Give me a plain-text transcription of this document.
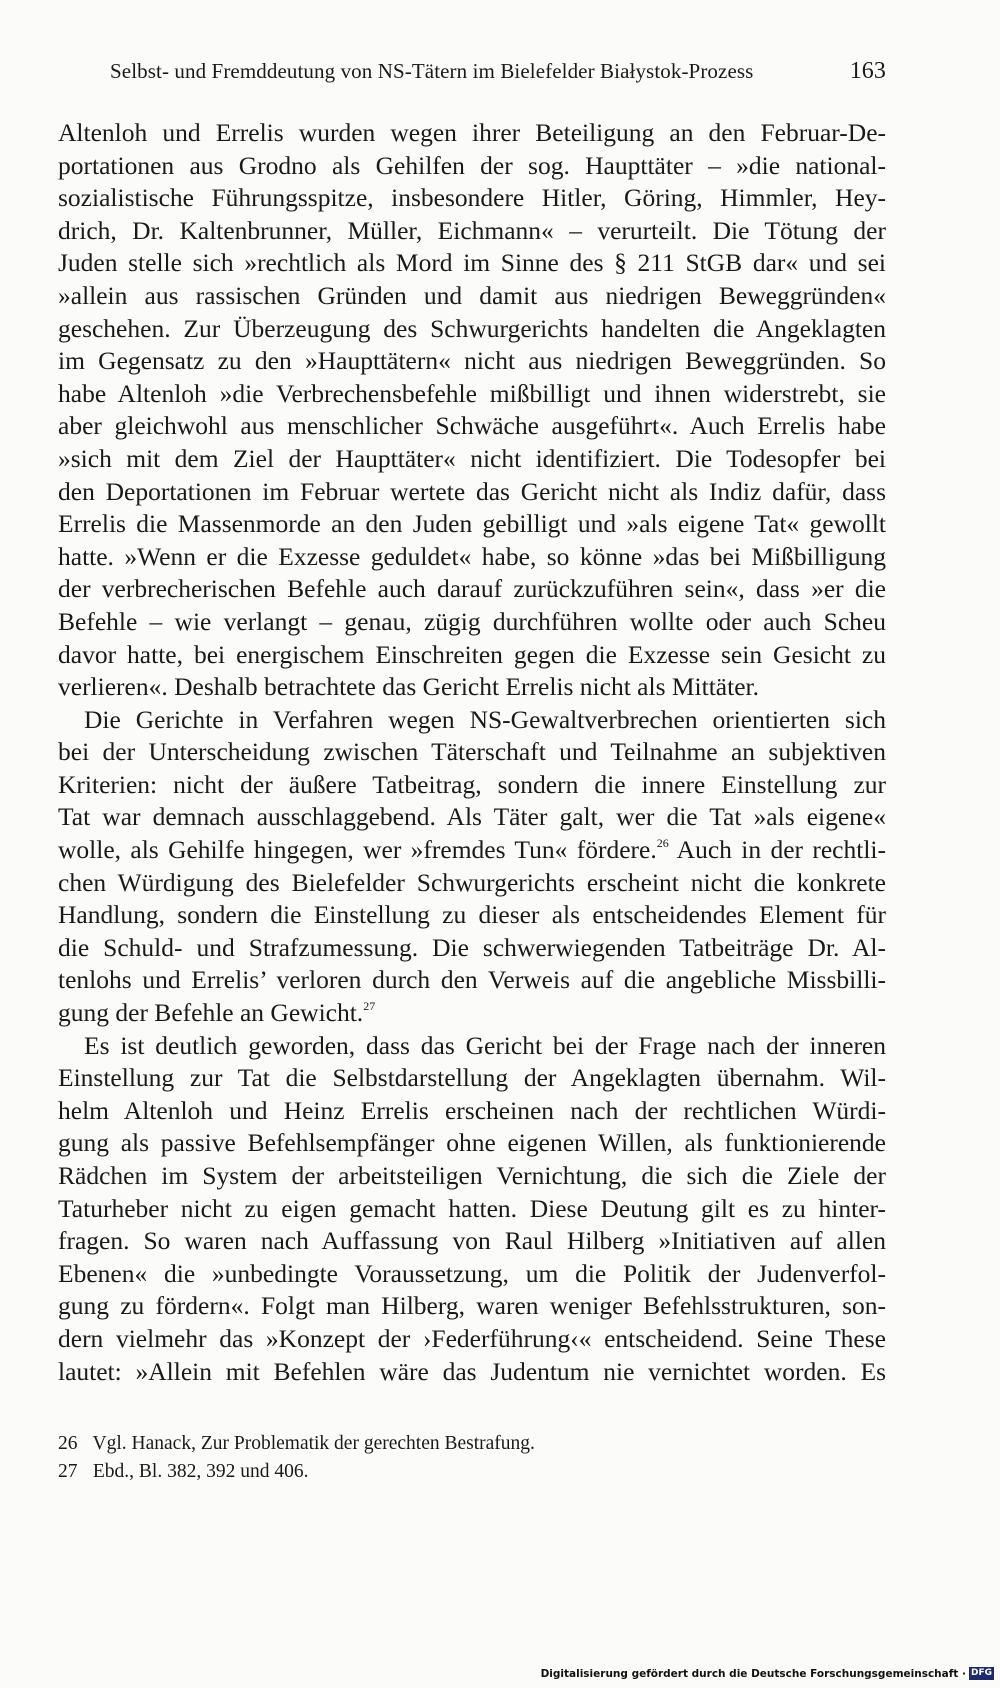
Selbst- und Fremddeutung von NS-Tätern im Bielefelder Białystok-Prozess	163
Altenloh und Errelis wurden wegen ihrer Beteiligung an den Februar-De-
portationen aus Grodno als Gehilfen der sog. Haupttäter – »die national-
sozialistische Führungsspitze, insbesondere Hitler, Göring, Himmler, Hey-
drich, Dr. Kaltenbrunner, Müller, Eichmann« – verurteilt. Die Tötung der
Juden stelle sich »rechtlich als Mord im Sinne des § 211 StGB dar« und sei
»allein aus rassischen Gründen und damit aus niedrigen Beweggründen«
geschehen. Zur Überzeugung des Schwurgerichts handelten die Angeklagten
im Gegensatz zu den »Haupttätern« nicht aus niedrigen Beweggründen. So
habe Altenloh »die Verbrechensbefehle mißbilligt und ihnen widerstrebt, sie
aber gleichwohl aus menschlicher Schwäche ausgeführt«. Auch Errelis habe
»sich mit dem Ziel der Haupttäter« nicht identifiziert. Die Todesopfer bei
den Deportationen im Februar wertete das Gericht nicht als Indiz dafür, dass
Errelis die Massenmorde an den Juden gebilligt und »als eigene Tat« gewollt
hatte. »Wenn er die Exzesse geduldet« habe, so könne »das bei Mißbilligung
der verbrecherischen Befehle auch darauf zurückzuführen sein«, dass »er die
Befehle – wie verlangt – genau, zügig durchführen wollte oder auch Scheu
davor hatte, bei energischem Einschreiten gegen die Exzesse sein Gesicht zu
verlieren«. Deshalb betrachtete das Gericht Errelis nicht als Mittäter.
Die Gerichte in Verfahren wegen NS-Gewaltverbrechen orientierten sich
bei der Unterscheidung zwischen Täterschaft und Teilnahme an subjektiven
Kriterien: nicht der äußere Tatbeitrag, sondern die innere Einstellung zur
Tat war demnach ausschlaggebend. Als Täter galt, wer die Tat »als eigene«
wolle, als Gehilfe hingegen, wer »fremdes Tun« fördere.$^{26}$ Auch in der rechtli-
chen Würdigung des Bielefelder Schwurgerichts erscheint nicht die konkrete
Handlung, sondern die Einstellung zu dieser als entscheidendes Element für
die Schuld- und Strafzumessung. Die schwerwiegenden Tatbeiträge Dr. Al-
tenlohs und Errelis’ verloren durch den Verweis auf die angebliche Missbilli-
gung der Befehle an Gewicht.$^{27}$
Es ist deutlich geworden, dass das Gericht bei der Frage nach der inneren
Einstellung zur Tat die Selbstdarstellung der Angeklagten übernahm. Wil-
helm Altenloh und Heinz Errelis erscheinen nach der rechtlichen Würdi-
gung als passive Befehlsempfänger ohne eigenen Willen, als funktionierende
Rädchen im System der arbeitsteiligen Vernichtung, die sich die Ziele der
Taturheber nicht zu eigen gemacht hatten. Diese Deutung gilt es zu hinter-
fragen. So waren nach Auffassung von Raul Hilberg »Initiativen auf allen
Ebenen« die »unbedingte Voraussetzung, um die Politik der Judenverfol-
gung zu fördern«. Folgt man Hilberg, waren weniger Befehlsstrukturen, son-
dern vielmehr das »Konzept der ›Federführung‹« entscheidend. Seine These
lautet: »Allein mit Befehlen wäre das Judentum nie vernichtet worden. Es
26 Vgl. Hanack, Zur Problematik der gerechten Bestrafung.
27 Ebd., Bl. 382, 392 und 406.
Digitalisierung gefördert durch die Deutsche Forschungsgemeinschaft · DFG
